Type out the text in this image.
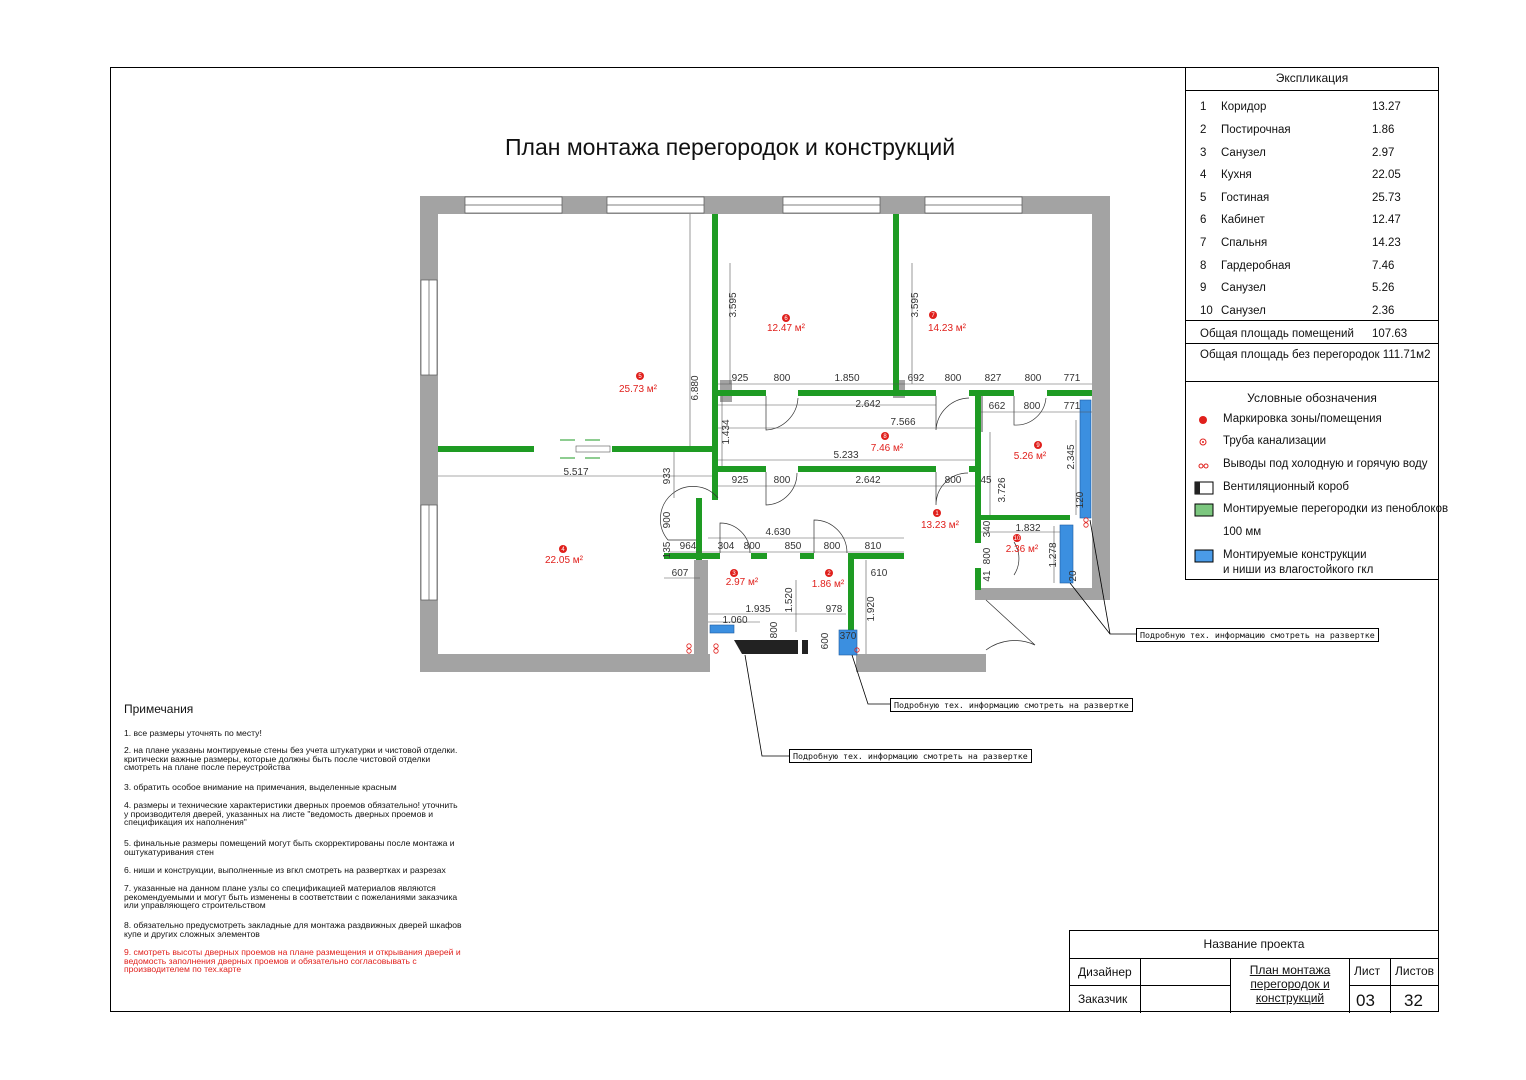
План монтажа перегородок и конструкций
5
6	7
8
9
1
10
4
3	2
25.73 м²
12.47 м²	14.23 м²
7.46 м²
5.26 м²
13.23 м²
2.36 м²
22.05 м²
2.97 м²	1.86 м²
3.595	3.595
6.880	925	800	1.850	692 800 827 800 771
2.642	662 800 771
7.566
1.434
5.233	2.345
5.517	933	925	800	2.642	800 45 3.726	120
900
4.630	1.832
340
964 304 800 850 800 810
800	1.278
607	610
1.520
41	20
1.935	978 1.920
1.060
800
600 370
135
Подробную тех. информацию смотреть на развертке
Подробную тех. информацию смотреть на развертке
Подробную тех. информацию смотреть на развертке
Экспликация
1 Коридор	13.27
2 Постирочная	1.86
3 Санузел	2.97
4 Кухня	22.05
5 Гостиная	25.73
6 Кабинет	12.47
7 Спальня	14.23
8 Гардеробная	7.46
9 Санузел	5.26
10 Санузел	2.36
Общая площадь помещений 107.63
Общая площадь без перегородок 111.71м2
Условные обозначения
Маркировка зоны/помещения
Труба канализации
Выводы под холодную и горячую воду
Вентиляционный короб
Монтируемые перегородки из пеноблоков
100 мм
Монтируемые конструкции
и ниши из влагостойкого гкл
Примечания
1. все размеры уточнять по месту!
2. на плане указаны монтируемые стены без учета штукатурки и чистовой отделки. критически важные размеры, которые должны быть после чистовой отделки смотреть на плане после переустройства
3. обратить особое внимание на примечания, выделенные красным
4. размеры и технические характеристики дверных проемов обязательно! уточнить у производителя дверей, указанных на листе "ведомость дверных проемов и спецификация их наполнения"
5. финальные размеры помещений могут быть скорректированы после монтажа и оштукатуривания стен
6. ниши и конструкции, выполненные из вгкл смотреть на развертках и разрезах
7. указанные на данном плане узлы со спецификацией материалов являются рекомендуемыми и могут быть изменены в соответствии с пожеланиями заказчика или управляющего строительством
8. обязательно предусмотреть закладные для монтажа раздвижных дверей шкафов купе и других сложных элементов
9. смотреть высоты дверных проемов на плане размещения и открывания дверей и ведомость заполнения дверных проемов и обязательно согласовывать с производителем по тех.карте
Название проекта
Дизайнер
Заказчик
План монтажа перегородок и конструкций
Лист Листов
03 32
